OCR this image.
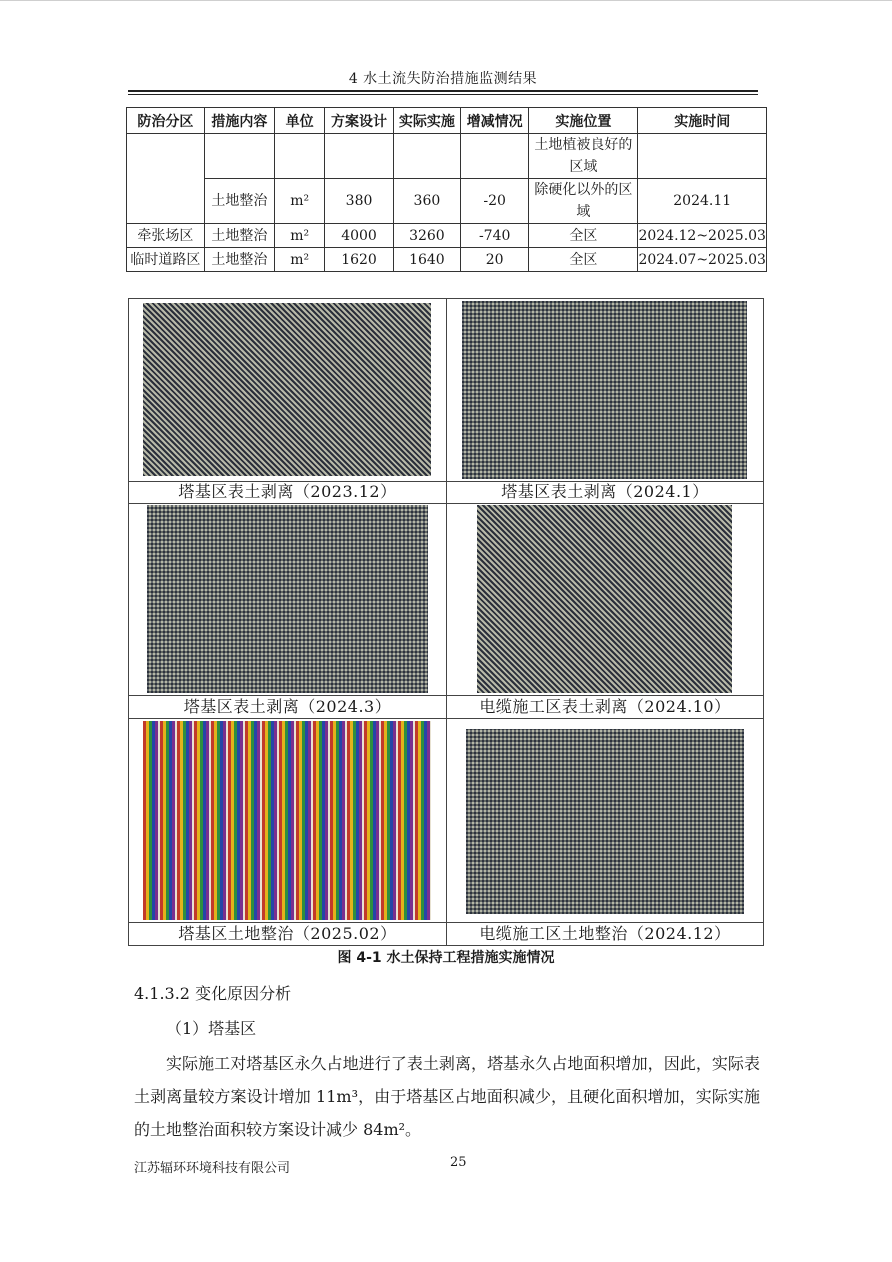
4 水土流失防治措施监测结果
防治分区	措施内容	单位	方案设计	实际实施	增减情况	实施位置	实施时间
						土地植被良好的区域	
	土地整治	m²	380	360	-20	除硬化以外的区域	2024.11
牵张场区	土地整治	m²	4000	3260	-740	全区	2024.12~2025.03
临时道路区	土地整治	m²	1620	1640	20	全区	2024.07~2025.03
塔基区表土剥离（2023.12）	塔基区表土剥离（2024.1）
塔基区表土剥离（2024.3）	电缆施工区表土剥离（2024.10）
塔基区土地整治（2025.02）	电缆施工区土地整治（2024.12）
图 4-1 水土保持工程措施实施情况
4.1.3.2 变化原因分析
（1）塔基区
实际施工对塔基区永久占地进行了表土剥离，塔基永久占地面积增加，因此，实际表土剥离量较方案设计增加 11m³，由于塔基区占地面积减少，且硬化面积增加，实际实施的土地整治面积较方案设计减少 84m²。
江苏辐环环境科技有限公司	25
